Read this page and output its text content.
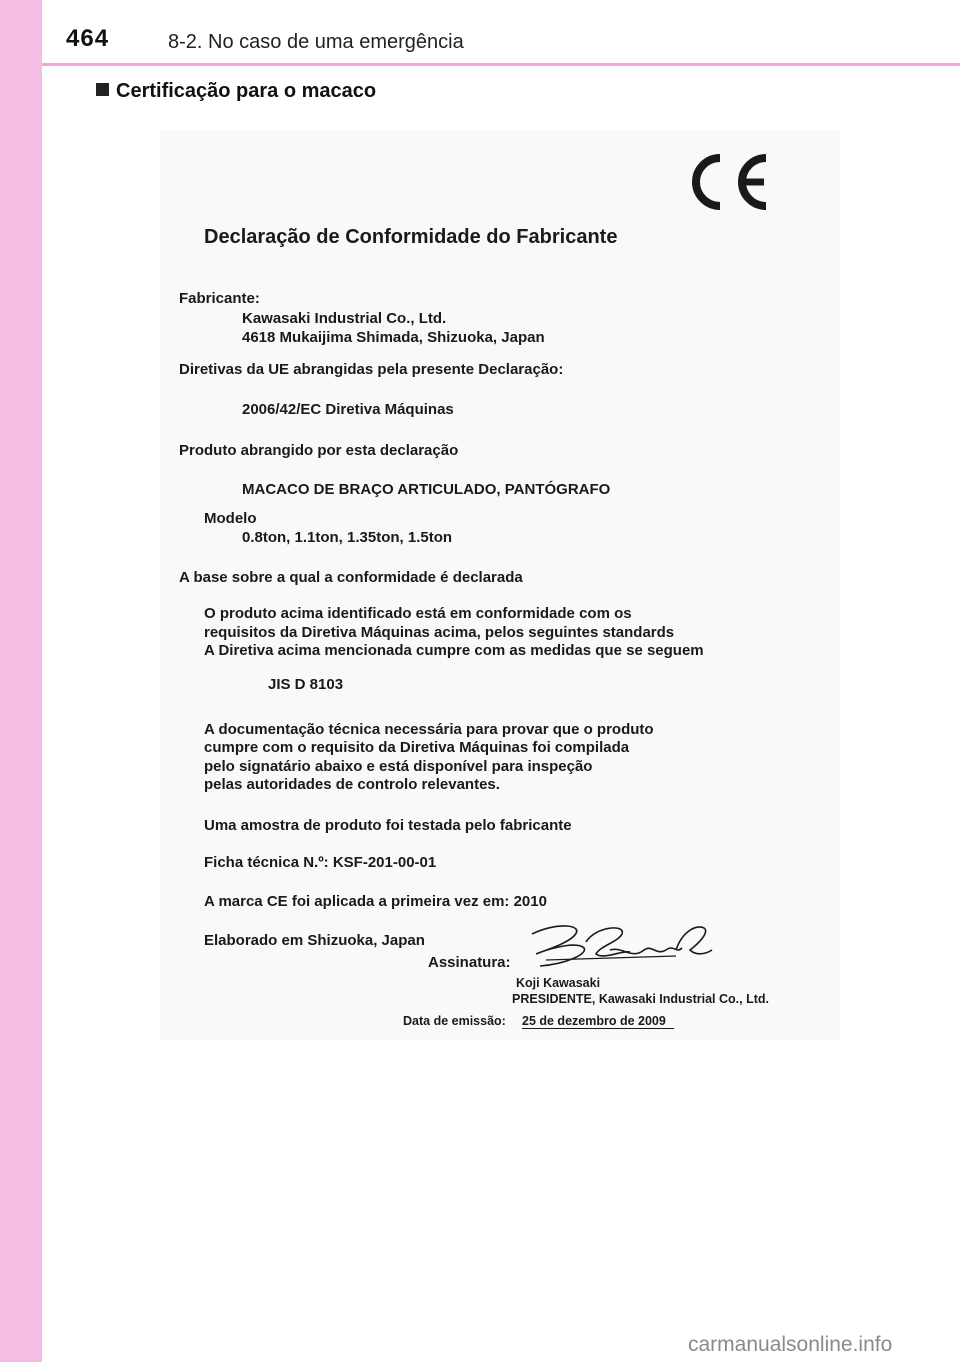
464	8-2. No caso de uma emergência
Certificação para o macaco
Declaração de Conformidade do Fabricante
Fabricante:
Kawasaki Industrial Co., Ltd.
4618 Mukaijima Shimada, Shizuoka, Japan
Diretivas da UE abrangidas pela presente Declaração:
2006/42/EC Diretiva Máquinas
Produto abrangido por esta declaração
MACACO DE BRAÇO ARTICULADO, PANTÓGRAFO
Modelo
0.8ton, 1.1ton, 1.35ton, 1.5ton
A base sobre a qual a conformidade é declarada
O produto acima identificado está em conformidade com os
requisitos da Diretiva Máquinas acima, pelos seguintes standards
A Diretiva acima mencionada cumpre com as medidas que se seguem
JIS D 8103
A documentação técnica necessária para provar que o produto
cumpre com o requisito da Diretiva Máquinas foi compilada
pelo signatário abaixo e está disponível para inspeção
pelas autoridades de controlo relevantes.
Uma amostra de produto foi testada pelo fabricante
Ficha técnica N.º: KSF-201-00-01
A marca CE foi aplicada a primeira vez em: 2010
Elaborado em Shizuoka, Japan
Assinatura:
Koji Kawasaki
PRESIDENTE, Kawasaki Industrial Co., Ltd.
Data de emissão: 25 de dezembro de 2009
carmanualsonline.info
